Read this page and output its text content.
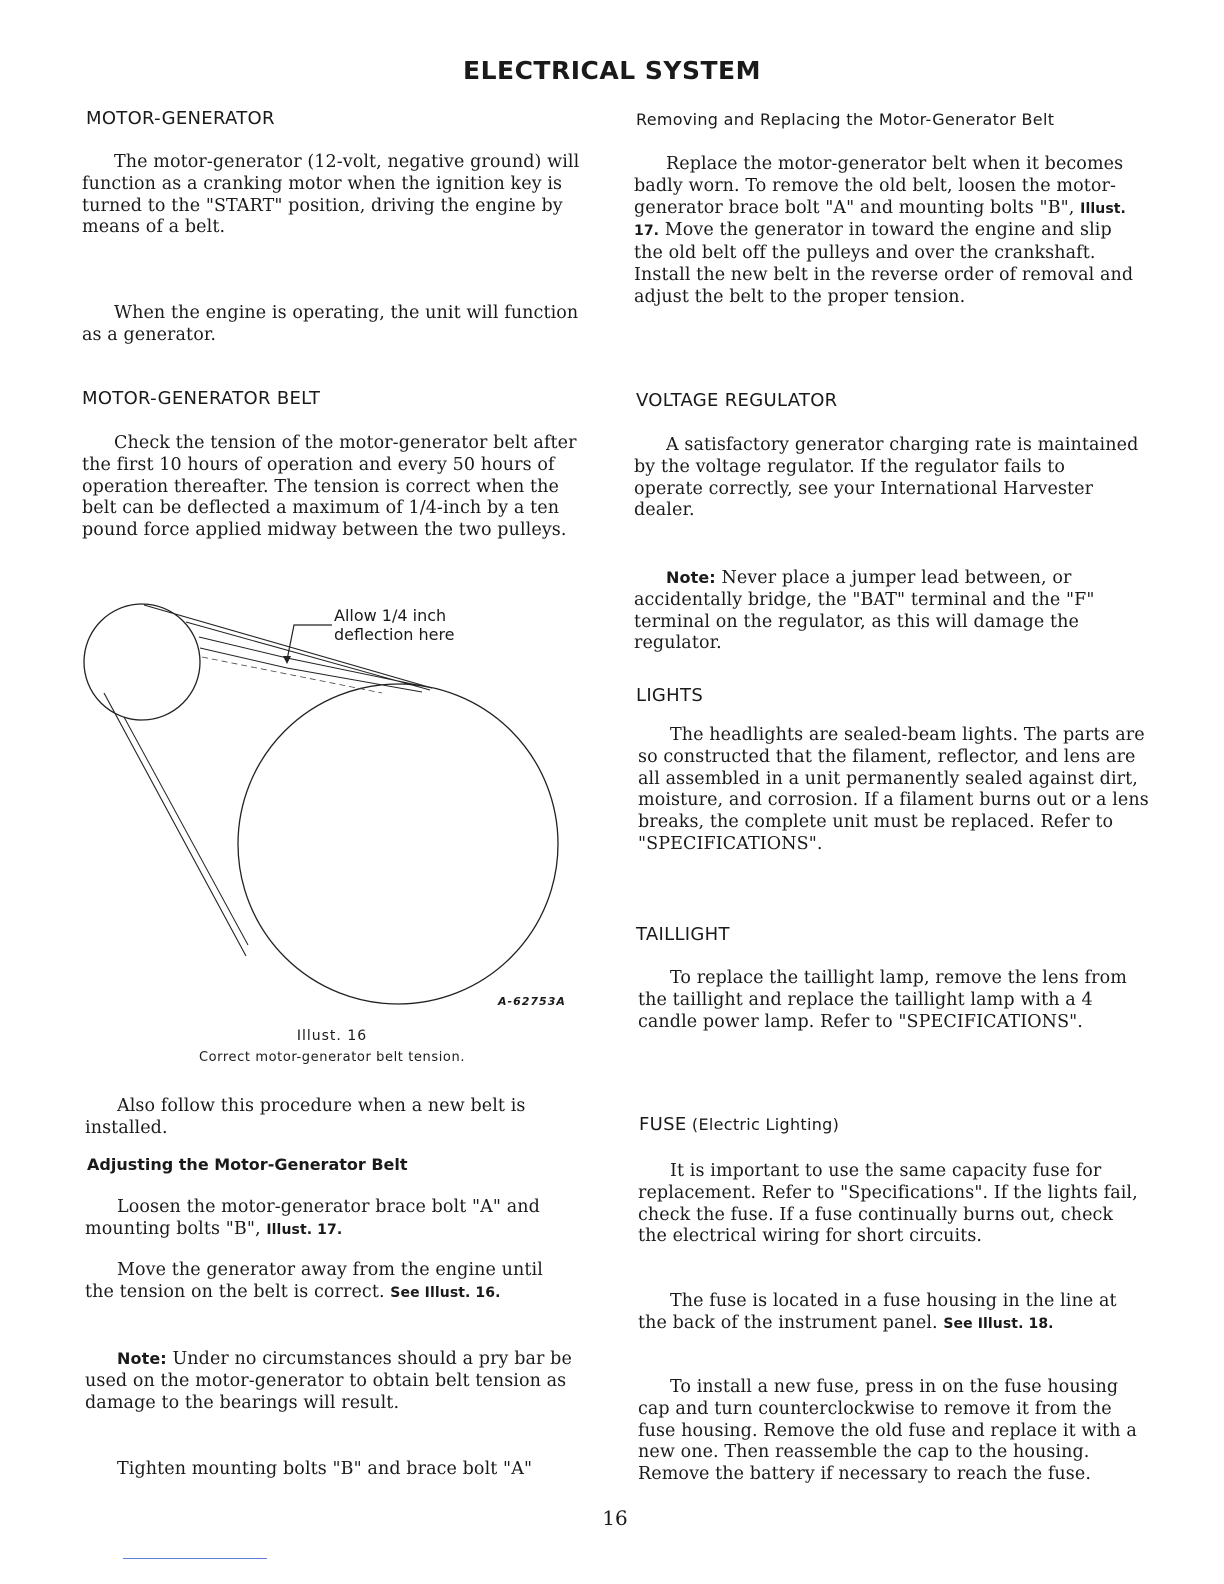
ELECTRICAL SYSTEM
MOTOR-GENERATOR

The motor-generator (12-volt, negative ground) will function as a cranking motor when the ignition key is turned to the "START" position, driving the engine by means of a belt.

When the engine is operating, the unit will function as a generator.

MOTOR-GENERATOR BELT

Check the tension of the motor-generator belt after the first 10 hours of operation and every 50 hours of operation thereafter. The tension is correct when the belt can be deflected a maximum of 1/4-inch by a ten pound force applied midway between the two pulleys.

Allow 1/4 inch
deflection here
A-62753A
Illust. 16
Correct motor-generator belt tension.

Also follow this procedure when a new belt is installed.

Adjusting the Motor-Generator Belt

Loosen the motor-generator brace bolt "A" and mounting bolts "B", Illust. 17.

Move the generator away from the engine until the tension on the belt is correct. See Illust. 16.

Note: Under no circumstances should a pry bar be used on the motor-generator to obtain belt tension as damage to the bearings will result.

Tighten mounting bolts "B" and brace bolt "A"

Removing and Replacing the Motor-Generator Belt

Replace the motor-generator belt when it becomes badly worn. To remove the old belt, loosen the motor-generator brace bolt "A" and mounting bolts "B", Illust. 17. Move the generator in toward the engine and slip the old belt off the pulleys and over the crankshaft. Install the new belt in the reverse order of removal and adjust the belt to the proper tension.

VOLTAGE REGULATOR

A satisfactory generator charging rate is maintained by the voltage regulator. If the regulator fails to operate correctly, see your International Harvester dealer.

Note: Never place a jumper lead between, or accidentally bridge, the "BAT" terminal and the "F" terminal on the regulator, as this will damage the regulator.

LIGHTS

The headlights are sealed-beam lights. The parts are so constructed that the filament, reflector, and lens are all assembled in a unit permanently sealed against dirt, moisture, and corrosion. If a filament burns out or a lens breaks, the complete unit must be replaced. Refer to "SPECIFICATIONS".

TAILLIGHT

To replace the taillight lamp, remove the lens from the taillight and replace the taillight lamp with a 4 candle power lamp. Refer to "SPECIFICATIONS".

FUSE (Electric Lighting)

It is important to use the same capacity fuse for replacement. Refer to "Specifications". If the lights fail, check the fuse. If a fuse continually burns out, check the electrical wiring for short circuits.

The fuse is located in a fuse housing in the line at the back of the instrument panel. See Illust. 18.

To install a new fuse, press in on the fuse housing cap and turn counterclockwise to remove it from the fuse housing. Remove the old fuse and replace it with a new one. Then reassemble the cap to the housing. Remove the battery if necessary to reach the fuse.

16
